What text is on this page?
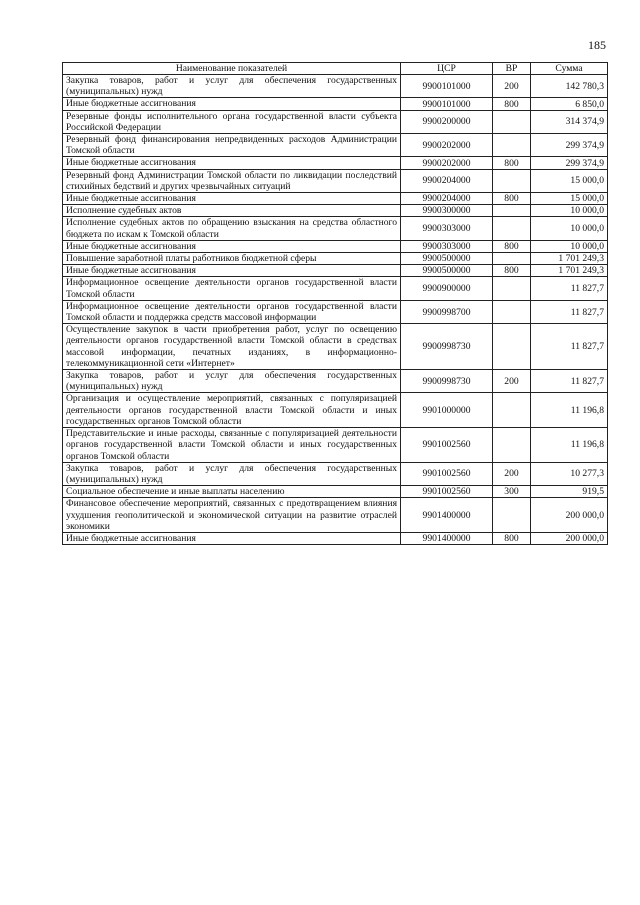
185
Наименование показателей	ЦСР	ВР	Сумма
Закупка товаров, работ и услуг для обеспечения государственных (муниципальных) нужд	9900101000	200	142 780,3
Иные бюджетные ассигнования	9900101000	800	6 850,0
Резервные фонды исполнительного органа государственной власти субъекта Российской Федерации	9900200000		314 374,9
Резервный фонд финансирования непредвиденных расходов Администрации Томской области	9900202000		299 374,9
Иные бюджетные ассигнования	9900202000	800	299 374,9
Резервный фонд Администрации Томской области по ликвидации последствий стихийных бедствий и других чрезвычайных ситуаций	9900204000		15 000,0
Иные бюджетные ассигнования	9900204000	800	15 000,0
Исполнение судебных актов	9900300000		10 000,0
Исполнение судебных актов по обращению взыскания на средства областного бюджета по искам к Томской области	9900303000		10 000,0
Иные бюджетные ассигнования	9900303000	800	10 000,0
Повышение заработной платы работников бюджетной сферы	9900500000		1 701 249,3
Иные бюджетные ассигнования	9900500000	800	1 701 249,3
Информационное освещение деятельности органов государственной власти Томской области	9900900000		11 827,7
Информационное освещение деятельности органов государственной власти Томской области и поддержка средств массовой информации	9900998700		11 827,7
Осуществление закупок в части приобретения работ, услуг по освещению деятельности органов государственной власти Томской области в средствах массовой информации, печатных изданиях, в информационно-телекоммуникационной сети «Интернет»	9900998730		11 827,7
Закупка товаров, работ и услуг для обеспечения государственных (муниципальных) нужд	9900998730	200	11 827,7
Организация и осуществление мероприятий, связанных с популяризацией деятельности органов государственной власти Томской области и иных государственных органов Томской области	9901000000		11 196,8
Представительские и иные расходы, связанные с популяризацией деятельности органов государственной власти Томской области и иных государственных органов Томской области	9901002560		11 196,8
Закупка товаров, работ и услуг для обеспечения государственных (муниципальных) нужд	9901002560	200	10 277,3
Социальное обеспечение и иные выплаты населению	9901002560	300	919,5
Финансовое обеспечение мероприятий, связанных с предотвращением влияния ухудшения геополитической и экономической ситуации на развитие отраслей экономики	9901400000		200 000,0
Иные бюджетные ассигнования	9901400000	800	200 000,0
